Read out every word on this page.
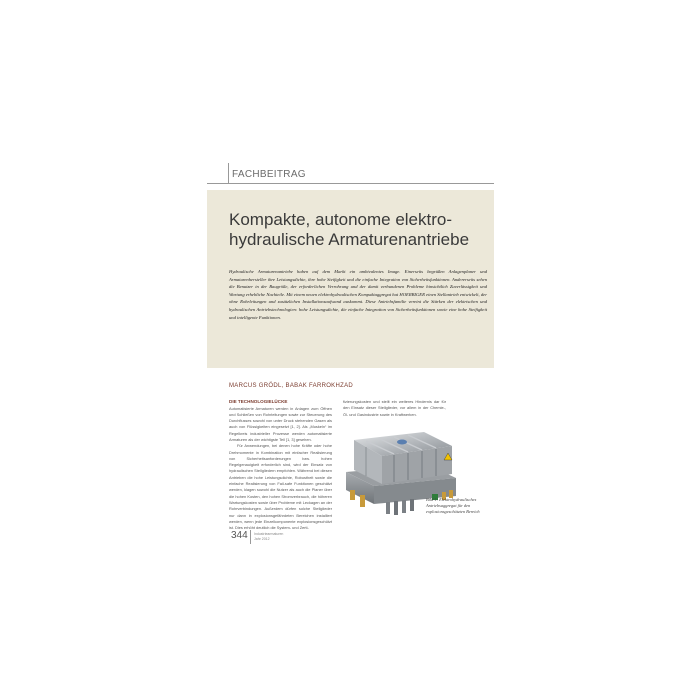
FACHBEITRAG
Kompakte, autonome elektro-
hydraulische Armaturenantriebe
Hydraulische Armaturenantriebe haben auf dem Markt ein ambivalentes Image. Einerseits begrüßen Anlagenplaner und Armaturenhersteller ihre Leistungsdichte, ihre hohe Steifigkeit und die einfache Integration von Sicherheitsfunktionen. Andererseits sehen die Benutzer in der Baugröße, der erforderlichen Verrohrung und der damit verbundenen Probleme hinsichtlich Zuverlässigkeit und Wartung erhebliche Nachteile. Mit einem neuen elektrohydraulischen Kompaktaggregat hat HOERBIGER einen Stellantrieb entwickelt, der ohne Rohrleitungen und zusätzlichen Installationsaufwand auskommt. Diese Antriebsfamilie vereint die Stärken der elektrischen und hydraulischen Antriebstechnologien: hohe Leistungsdichte, die einfache Integration von Sicherheitsfunktionen sowie eine hohe Steifigkeit und intelligente Funktionen.
MARCUS GRÖDL, BABAK FARROKHZAD
DIE TECHNOLOGIELÜCKE

Automatisierte Armaturen werden in Anlagen zum Öffnen und Schließen von Rohrleitungen sowie zur Steuerung des Durchflusses sowohl von unter Druck stehenden Gasen als auch von Flüssigkeiten eingesetzt [1, 2]. Als „Muskeln“ im Regelkreis industrieller Prozesse werden automatisierte Armaturen als der wichtigste Teil [1, 3] gesehen.

Für Anwendungen, bei denen hohe Kräfte oder hohe Drehmomente in Kombination mit einfacher Realisierung von Sicherheitsanforderungen bzw. hohen Regelgenauigkeit erforderlich sind, wird der Einsatz von hydraulischen Stellgliedern empfohlen. Während bei diesen Antrieben die hohe Leistungsdichte, Robustheit sowie die einfache Realisierung von Fail-safe Funktionen geschätzt werden, klagen sowohl die Nutzer als auch die Planer über die hohen Kosten, den hohen Stromverbrauch, die höheren Wartungskosten sowie über Probleme mit Leckagen an der Rohrverbindungen. Außerdem dürfen solche Stellglieder nur dann in explosionsgefährdeten Bereichen installiert werden, wenn jede Einzelkomponente explosionsgeschützt ist. Dies erhöht deutlich die System- und Zerti-

fizierungskosten und stellt ein weiteres Hindernis dar für den Einsatz dieser Stellglieder, vor allem in der Chemie-, Öl- und Gasindustrie sowie in Kraftwerken.

Bild 1: Elektrohydraulisches Antriebsaggregat für den explosionsgeschützten Bereich
344 Industriearmaturen
Jahr 2012
